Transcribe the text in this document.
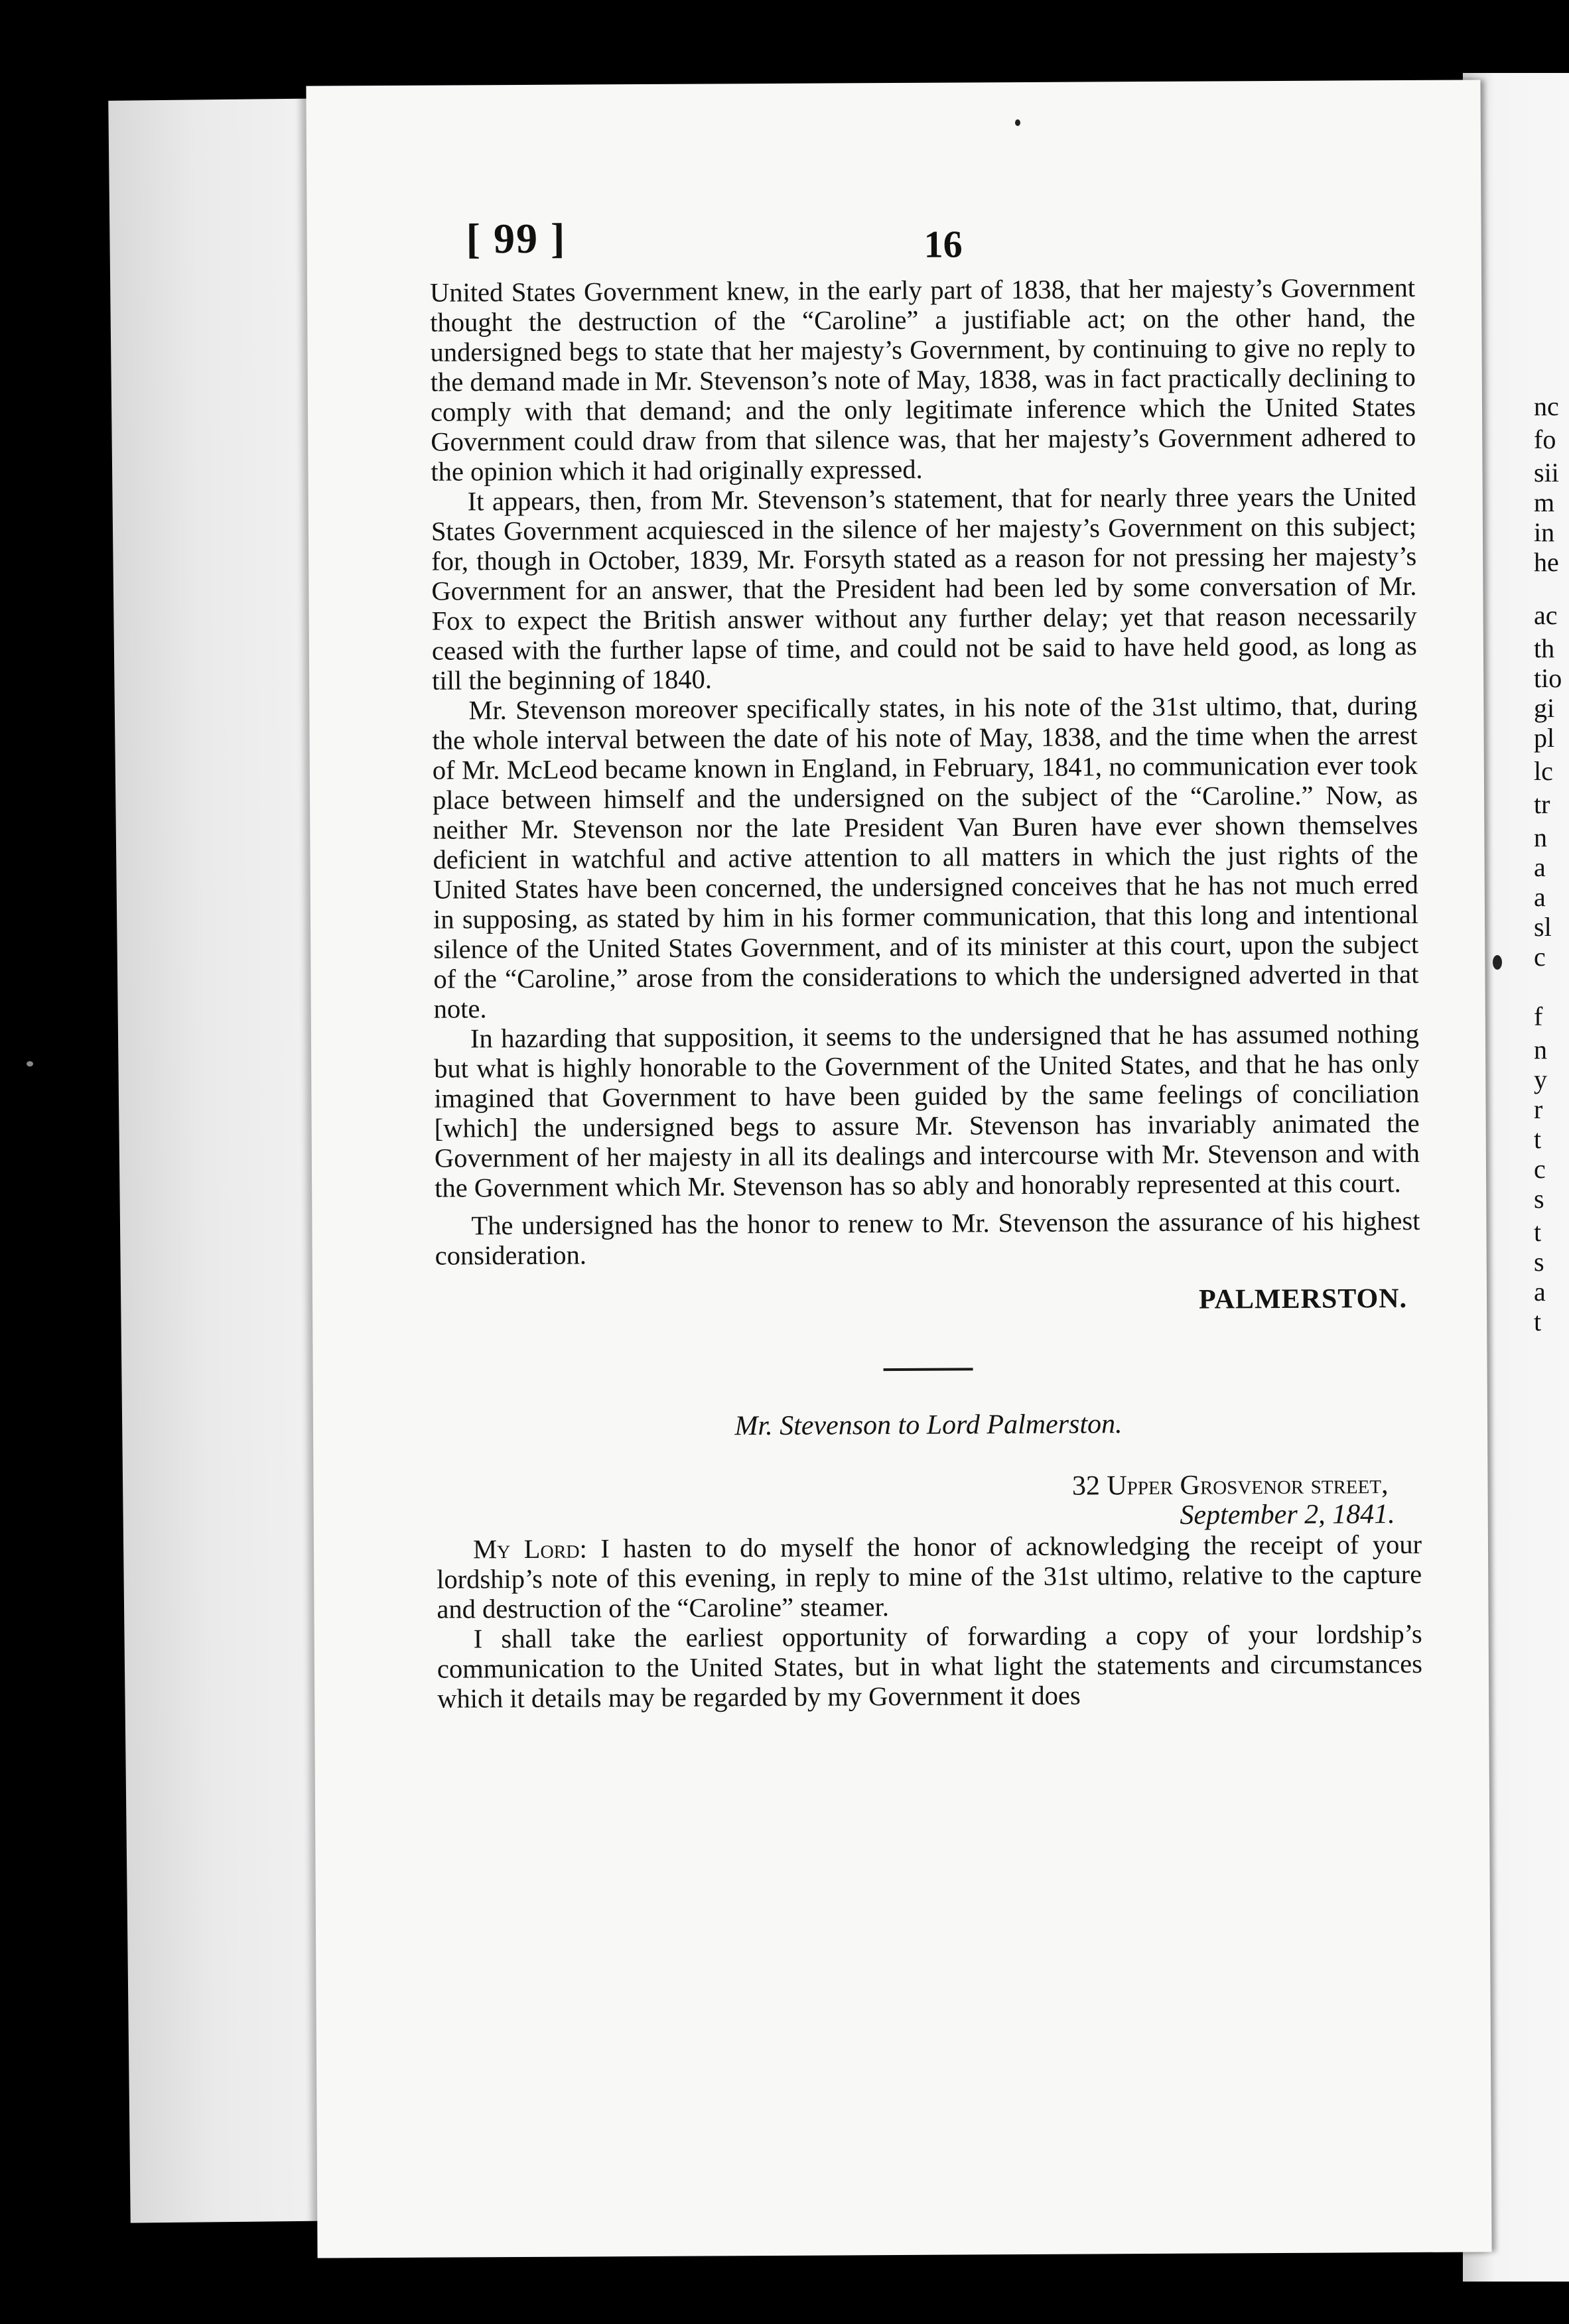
nc
fo
sii
m
in
he
ac
th
tio
gi
pl
lc
tr
n
a
a
sl
c
f
n
y
r
t
c
s
t
s
a
t
[ 99 ]	16

United States Government knew, in the early part of 1838, that her majesty’s Government thought the destruction of the “Caroline” a justifiable act; on the other hand, the undersigned begs to state that her majesty’s Government, by continuing to give no reply to the demand made in Mr. Stevenson’s note of May, 1838, was in fact practically declining to comply with that demand; and the only legitimate inference which the United States Government could draw from that silence was, that her majesty’s Government adhered to the opinion which it had originally expressed.

It appears, then, from Mr. Stevenson’s statement, that for nearly three years the United States Government acquiesced in the silence of her majesty’s Government on this subject; for, though in October, 1839, Mr. Forsyth stated as a reason for not pressing her majesty’s Government for an answer, that the President had been led by some conversation of Mr. Fox to expect the British answer without any further delay; yet that reason necessarily ceased with the further lapse of time, and could not be said to have held good, as long as till the beginning of 1840.

Mr. Stevenson moreover specifically states, in his note of the 31st ultimo, that, during the whole interval between the date of his note of May, 1838, and the time when the arrest of Mr. McLeod became known in England, in February, 1841, no communication ever took place between himself and the undersigned on the subject of the “Caroline.” Now, as neither Mr. Stevenson nor the late President Van Buren have ever shown themselves deficient in watchful and active attention to all matters in which the just rights of the United States have been concerned, the undersigned conceives that he has not much erred in supposing, as stated by him in his former communication, that this long and intentional silence of the United States Government, and of its minister at this court, upon the subject of the “Caroline,” arose from the considerations to which the undersigned adverted in that note.

In hazarding that supposition, it seems to the undersigned that he has assumed nothing but what is highly honorable to the Government of the United States, and that he has only imagined that Government to have been guided by the same feelings of conciliation [which] the undersigned begs to assure Mr. Stevenson has invariably animated the Government of her majesty in all its dealings and intercourse with Mr. Stevenson and with the Government which Mr. Stevenson has so ably and honorably represented at this court.

The undersigned has the honor to renew to Mr. Stevenson the assurance of his highest consideration.

PALMERSTON.
Mr. Stevenson to Lord Palmerston.
32 Upper Grosvenor street,
September 2, 1841.

My Lord: I hasten to do myself the honor of acknowledging the receipt of your lordship’s note of this evening, in reply to mine of the 31st ultimo, relative to the capture and destruction of the “Caroline” steamer.

I shall take the earliest opportunity of forwarding a copy of your lordship’s communication to the United States, but in what light the statements and circumstances which it details may be regarded by my Government it does
